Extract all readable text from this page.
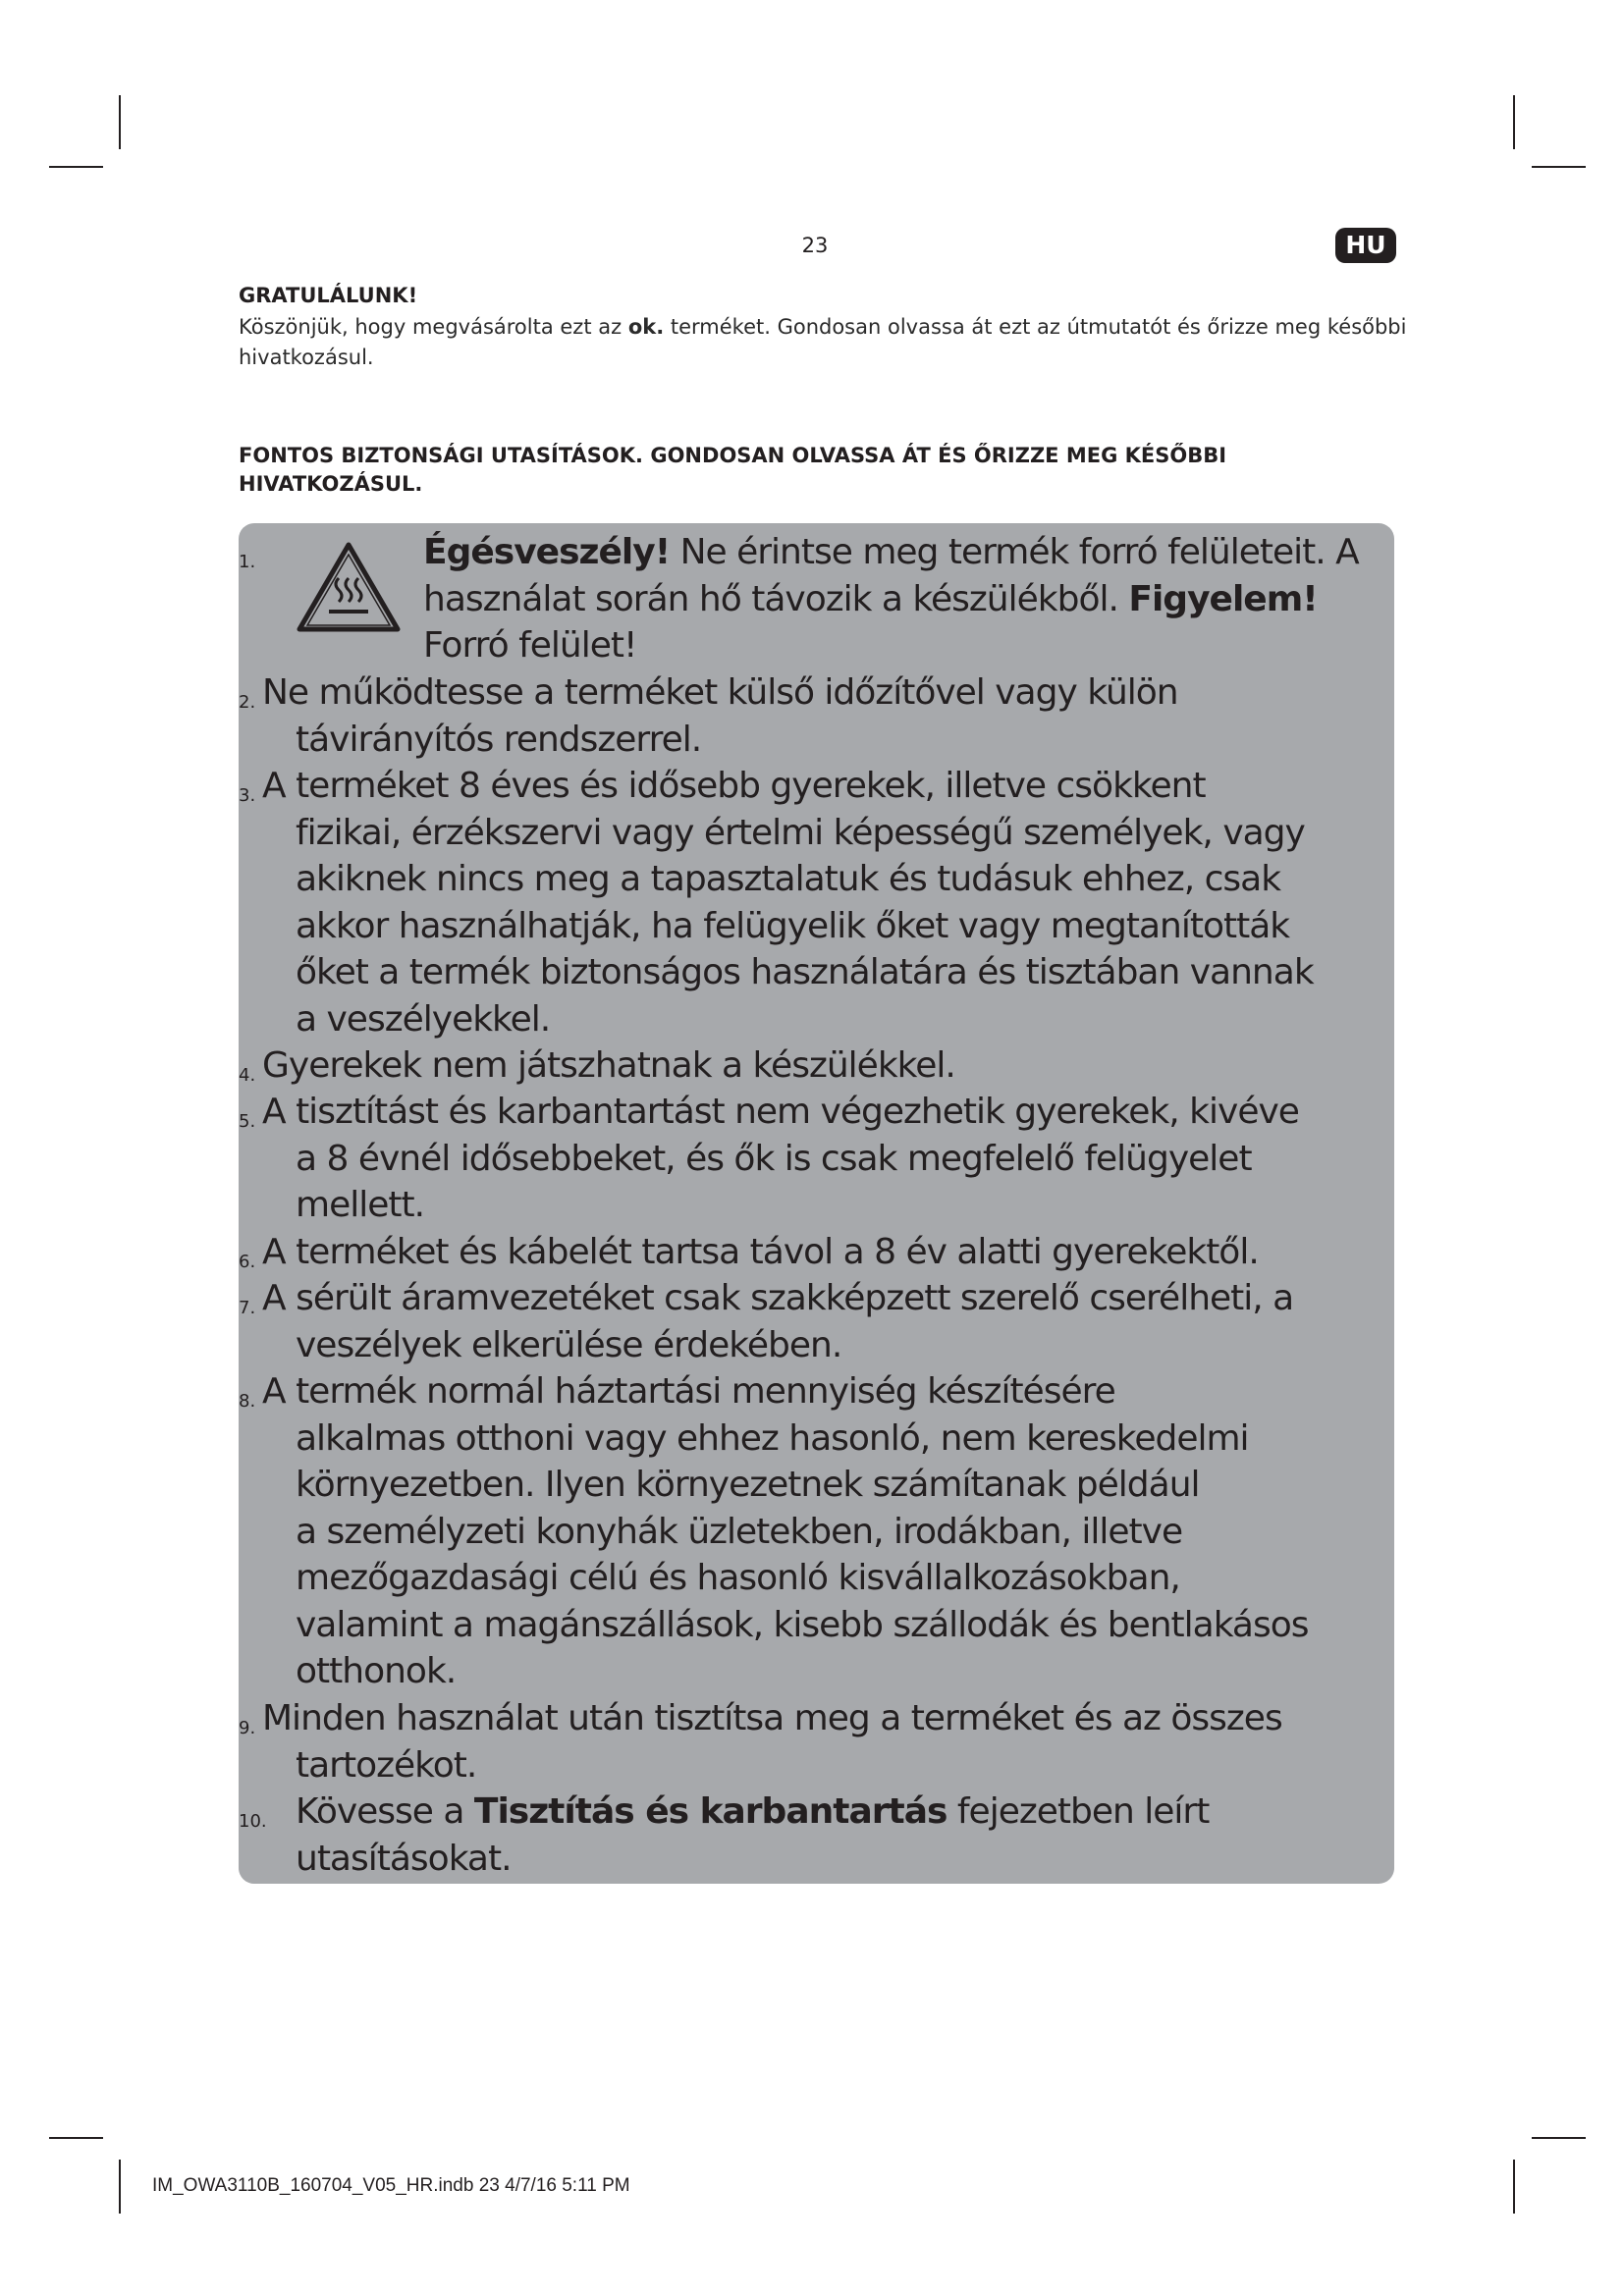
23	HU
GRATULÁLUNK!
Köszönjük, hogy megvásárolta ezt az ok. terméket. Gondosan olvassa át ezt az útmutatót és őrizze meg későbbi hivatkozásul.
FONTOS BIZTONSÁGI UTASÍTÁSOK. GONDOSAN OLVASSA ÁT ÉS ŐRIZZE MEG KÉSŐBBI HIVATKOZÁSUL.
1.	Égésveszély! Ne érintse meg termék forró felületeit. A
használat során hő távozik a készülékből. Figyelem!
Forró felület!
2. Ne működtesse a terméket külső időzítővel vagy külön
távirányítós rendszerrel.
3. A terméket 8 éves és idősebb gyerekek, illetve csökkent
fizikai, érzékszervi vagy értelmi képességű személyek, vagy
akiknek nincs meg a tapasztalatuk és tudásuk ehhez, csak
akkor használhatják, ha felügyelik őket vagy megtanították
őket a termék biztonságos használatára és tisztában vannak
a veszélyekkel.
4. Gyerekek nem játszhatnak a készülékkel.
5. A tisztítást és karbantartást nem végezhetik gyerekek, kivéve
a 8 évnél idősebbeket, és ők is csak megfelelő felügyelet
mellett.
6. A terméket és kábelét tartsa távol a 8 év alatti gyerekektől.
7. A sérült áramvezetéket csak szakképzett szerelő cserélheti, a
veszélyek elkerülése érdekében.
8. A termék normál háztartási mennyiség készítésére
alkalmas otthoni vagy ehhez hasonló, nem kereskedelmi
környezetben. Ilyen környezetnek számítanak például
a személyzeti konyhák üzletekben, irodákban, illetve
mezőgazdasági célú és hasonló kisvállalkozásokban,
valamint a magánszállások, kisebb szállodák és bentlakásos
otthonok.
9. Minden használat után tisztítsa meg a terméket és az összes
tartozékot.
10. Kövesse a Tisztítás és karbantartás fejezetben leírt
utasításokat.
IM_OWA3110B_160704_V05_HR.indb 23 4/7/16 5:11 PM
